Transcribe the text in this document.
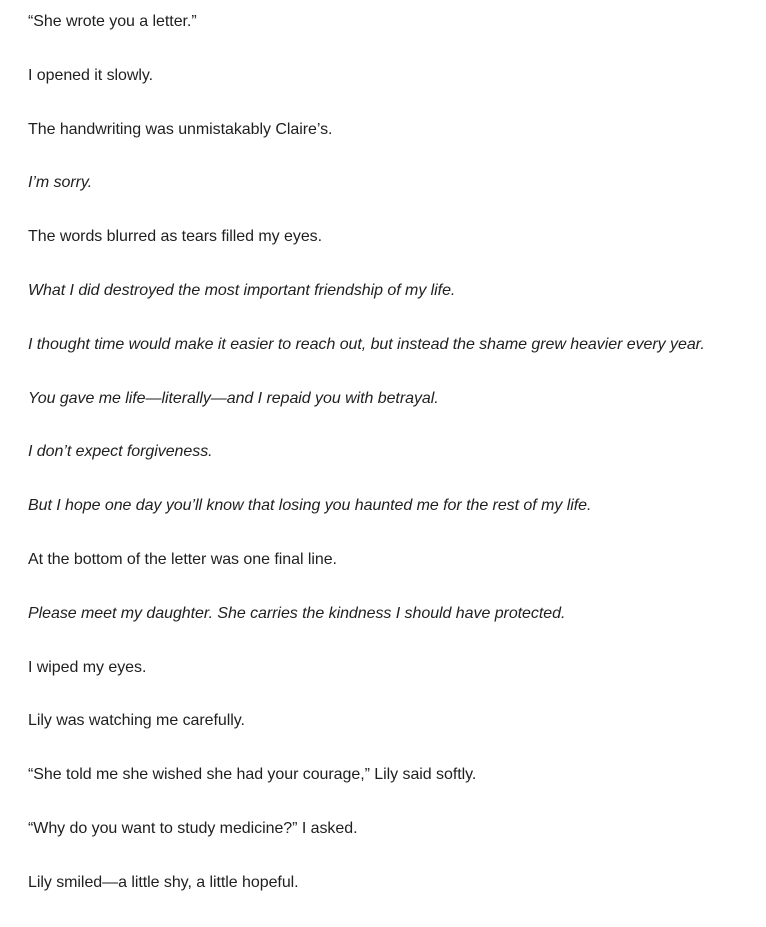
“She wrote you a letter.”

I opened it slowly.

The handwriting was unmistakably Claire’s.

I’m sorry.

The words blurred as tears filled my eyes.

What I did destroyed the most important friendship of my life.

I thought time would make it easier to reach out, but instead the shame grew heavier every year.

You gave me life—literally—and I repaid you with betrayal.

I don’t expect forgiveness.

But I hope one day you’ll know that losing you haunted me for the rest of my life.

At the bottom of the letter was one final line.

Please meet my daughter. She carries the kindness I should have protected.

I wiped my eyes.

Lily was watching me carefully.

“She told me she wished she had your courage,” Lily said softly.

“Why do you want to study medicine?” I asked.

Lily smiled—a little shy, a little hopeful.
